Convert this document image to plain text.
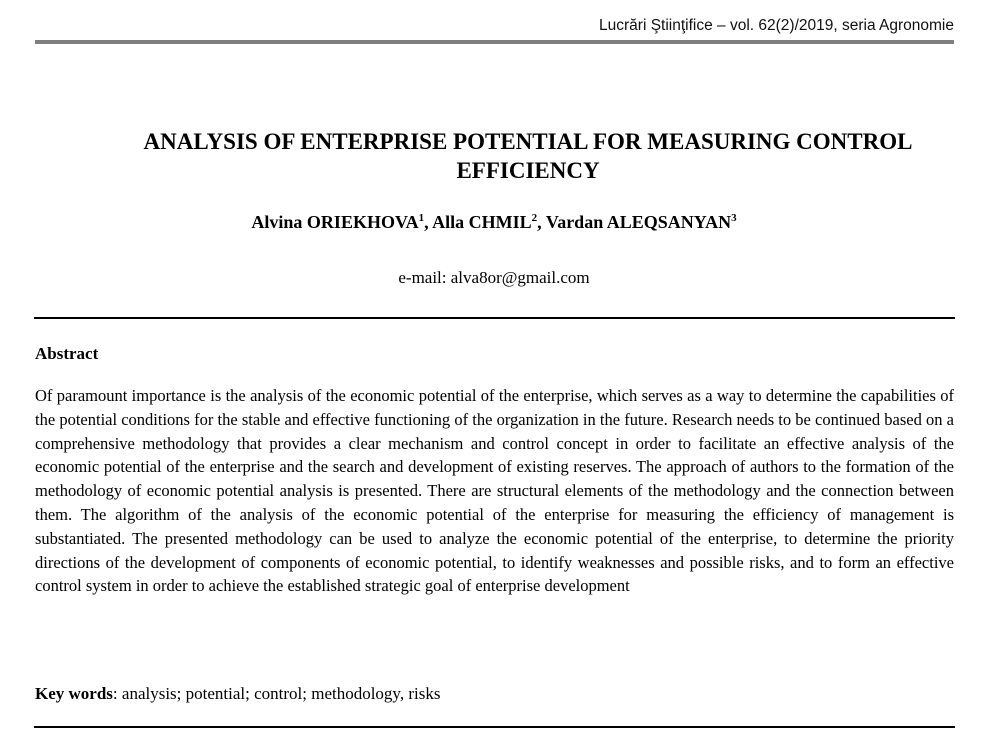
Lucrări Ştiinţifice – vol. 62(2)/2019, seria Agronomie
ANALYSIS OF ENTERPRISE POTENTIAL FOR MEASURING CONTROL EFFICIENCY
Alvina ORIEKHOVA$^1$, Alla CHMIL$^2$, Vardan ALEQSANYAN$^3$
e-mail: alva8or@gmail.com
Abstract

Of paramount importance is the analysis of the economic potential of the enterprise, which serves as a way to determine the capabilities of the potential conditions for the stable and effective functioning of the organization in the future. Research needs to be continued based on a comprehensive methodology that provides a clear mechanism and control concept in order to facilitate an effective analysis of the economic potential of the enterprise and the search and development of existing reserves. The approach of authors to the formation of the methodology of economic potential analysis is presented. There are structural elements of the methodology and the connection between them. The algorithm of the analysis of the economic potential of the enterprise for measuring the efficiency of management is substantiated. The presented methodology can be used to analyze the economic potential of the enterprise, to determine the priority directions of the development of components of economic potential, to identify weaknesses and possible risks, and to form an effective control system in order to achieve the established strategic goal of enterprise development

Key words: analysis; potential; control; methodology, risks
